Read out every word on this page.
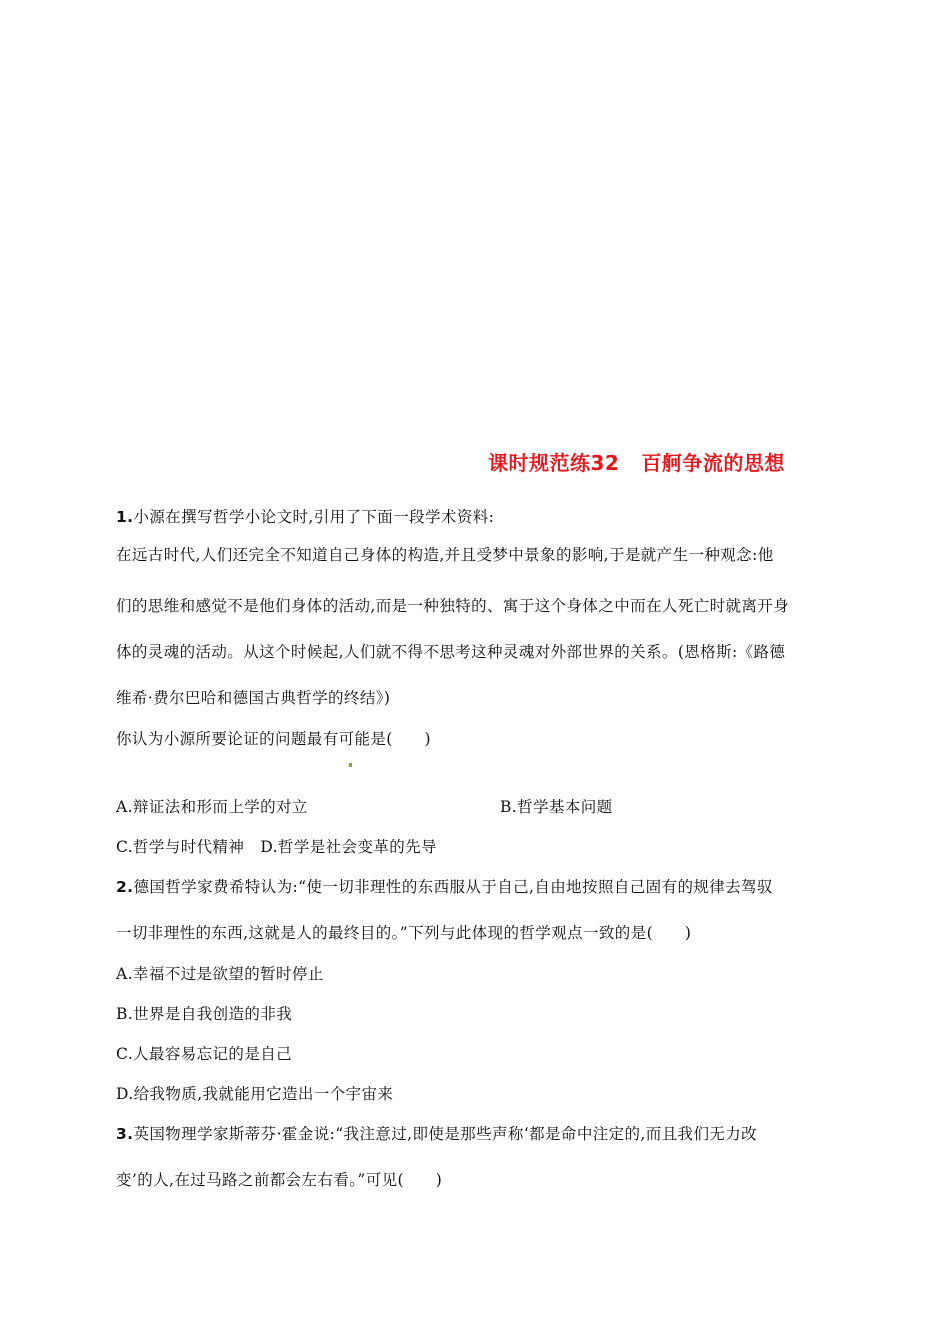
课时规范练32 百舸争流的思想
1.小源在撰写哲学小论文时,引用了下面一段学术资料:
在远古时代,人们还完全不知道自己身体的构造,并且受梦中景象的影响,于是就产生一种观念:他
们的思维和感觉不是他们身体的活动,而是一种独特的、寓于这个身体之中而在人死亡时就离开身
体的灵魂的活动。从这个时候起,人们就不得不思考这种灵魂对外部世界的关系。(恩格斯:《路德
维希·费尔巴哈和德国古典哲学的终结》)
你认为小源所要论证的问题最有可能是(　　)
A.辩证法和形而上学的对立	B.哲学基本问题
C.哲学与时代精神 D.哲学是社会变革的先导
2.德国哲学家费希特认为:“使一切非理性的东西服从于自己,自由地按照自己固有的规律去驾驭
一切非理性的东西,这就是人的最终目的。”下列与此体现的哲学观点一致的是(　　)
A.幸福不过是欲望的暂时停止
B.世界是自我创造的非我
C.人最容易忘记的是自己
D.给我物质,我就能用它造出一个宇宙来
3.英国物理学家斯蒂芬·霍金说:“我注意过,即使是那些声称‘都是命中注定的,而且我们无力改
变’的人,在过马路之前都会左右看。”可见(　　)
